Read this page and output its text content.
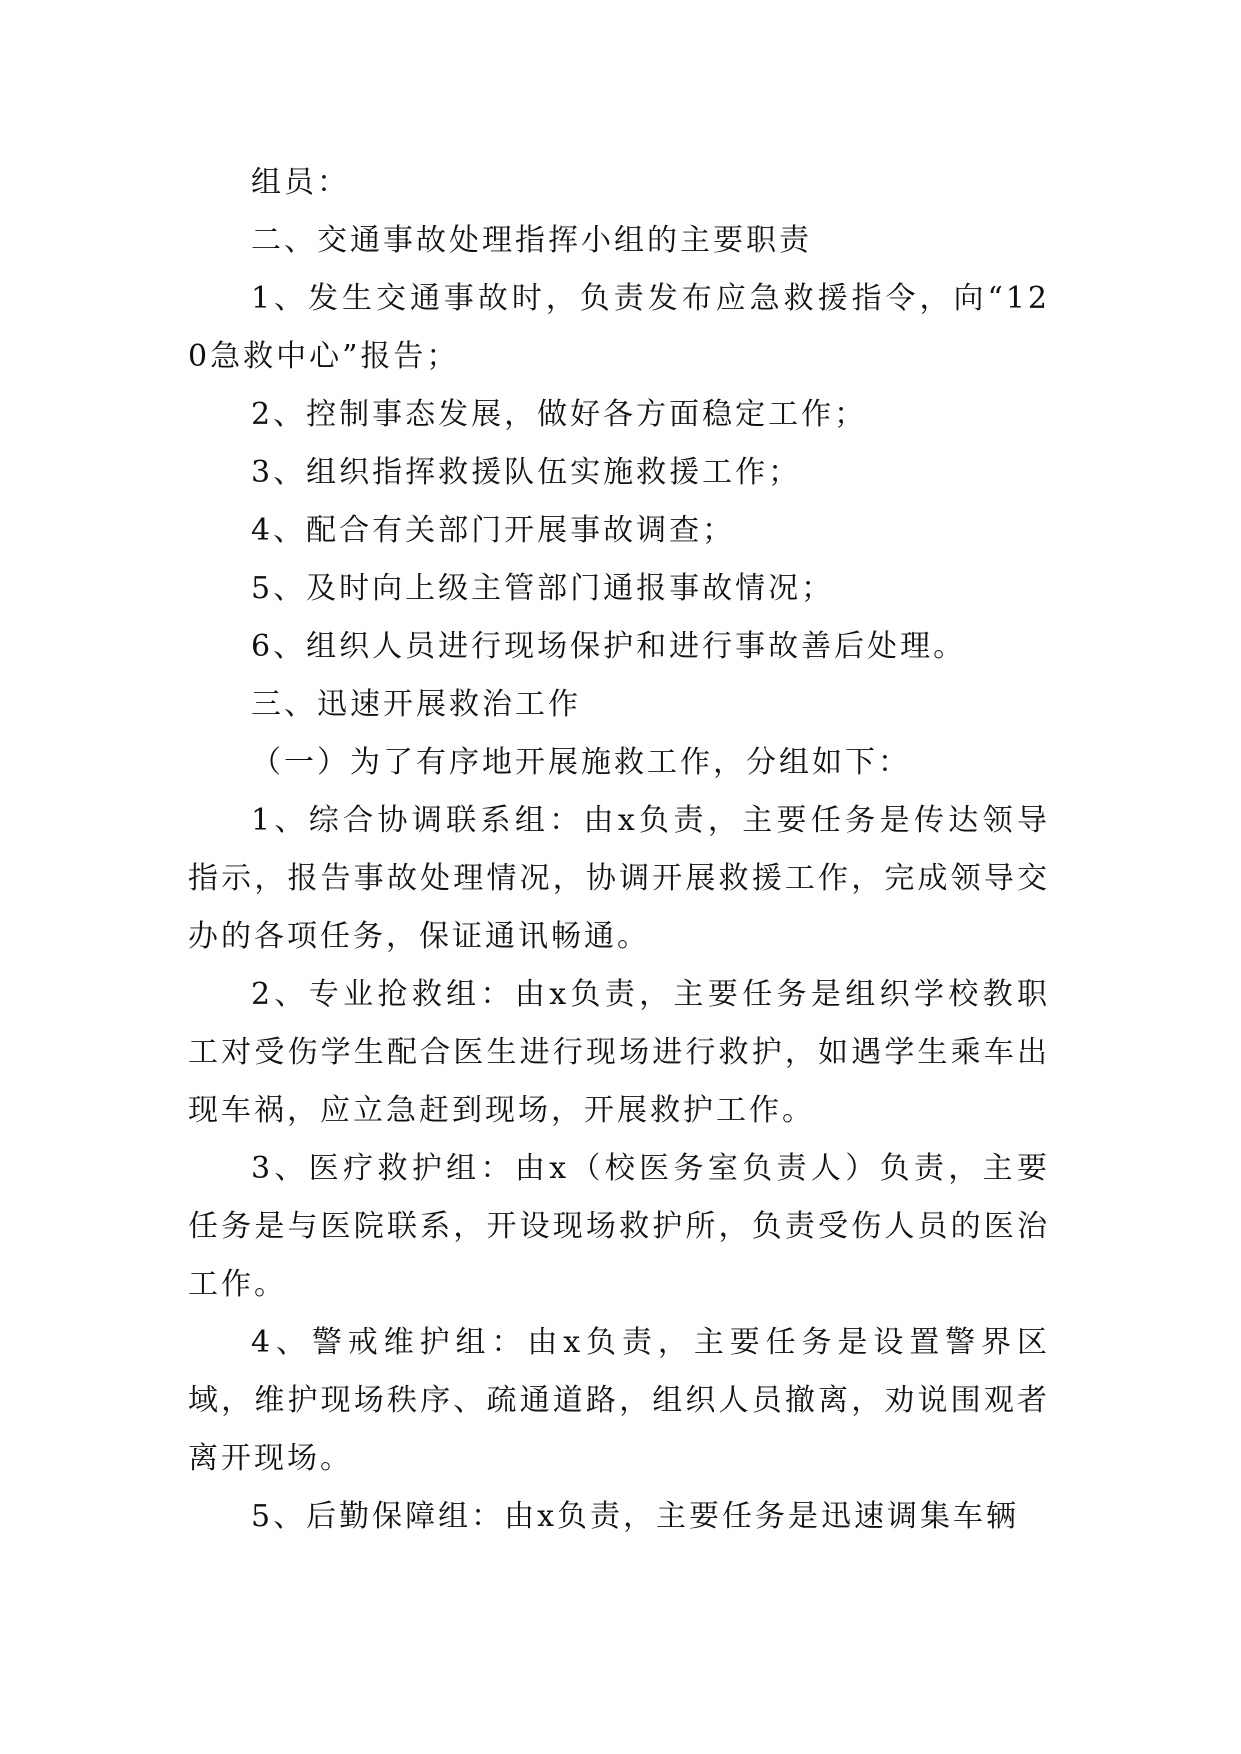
组员：

二、交通事故处理指挥小组的主要职责

1、发生交通事故时，负责发布应急救援指令，向“120急救中心”报告；

2、控制事态发展，做好各方面稳定工作；

3、组织指挥救援队伍实施救援工作；

4、配合有关部门开展事故调查；

5、及时向上级主管部门通报事故情况；

6、组织人员进行现场保护和进行事故善后处理。

三、迅速开展救治工作

（一）为了有序地开展施救工作，分组如下：

1、综合协调联系组：由x负责，主要任务是传达领导指示，报告事故处理情况，协调开展救援工作，完成领导交办的各项任务，保证通讯畅通。

2、专业抢救组：由x负责，主要任务是组织学校教职工对受伤学生配合医生进行现场进行救护，如遇学生乘车出现车祸，应立急赶到现场，开展救护工作。

3、医疗救护组：由x（校医务室负责人）负责，主要任务是与医院联系，开设现场救护所，负责受伤人员的医治工作。

4、警戒维护组：由x负责，主要任务是设置警界区域，维护现场秩序、疏通道路，组织人员撤离，劝说围观者离开现场。

5、后勤保障组：由x负责，主要任务是迅速调集车辆
